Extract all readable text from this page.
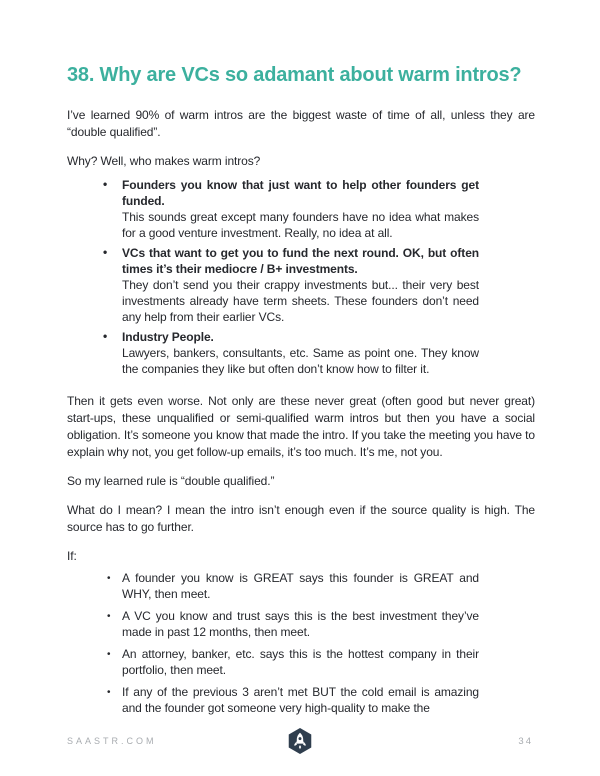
38. Why are VCs so adamant about warm intros?

I’ve learned 90% of warm intros are the biggest waste of time of all, unless they are “double qualified”.

Why? Well, who makes warm intros?

• Founders you know that just want to help other founders get funded.
This sounds great except many founders have no idea what makes for a good venture investment. Really, no idea at all.
• VCs that want to get you to fund the next round. OK, but often times it’s their mediocre / B+ investments.
They don’t send you their crappy investments but... their very best investments already have term sheets. These founders don’t need any help from their earlier VCs.
• Industry People.
Lawyers, bankers, consultants, etc. Same as point one. They know the companies they like but often don’t know how to filter it.

Then it gets even worse. Not only are these never great (often good but never great) start-ups, these unqualified or semi-qualified warm intros but then you have a social obligation. It’s someone you know that made the intro. If you take the meeting you have to explain why not, you get follow-up emails, it’s too much. It’s me, not you.

So my learned rule is “double qualified.”

What do I mean? I mean the intro isn’t enough even if the source quality is high. The source has to go further.

If:

• A founder you know is GREAT says this founder is GREAT and WHY, then meet.
• A VC you know and trust says this is the best investment they’ve made in past 12 months, then meet.
• An attorney, banker, etc. says this is the hottest company in their portfolio, then meet.
• If any of the previous 3 aren’t met BUT the cold email is amazing and the founder got someone very high-quality to make the
SAASTR.COM	34
